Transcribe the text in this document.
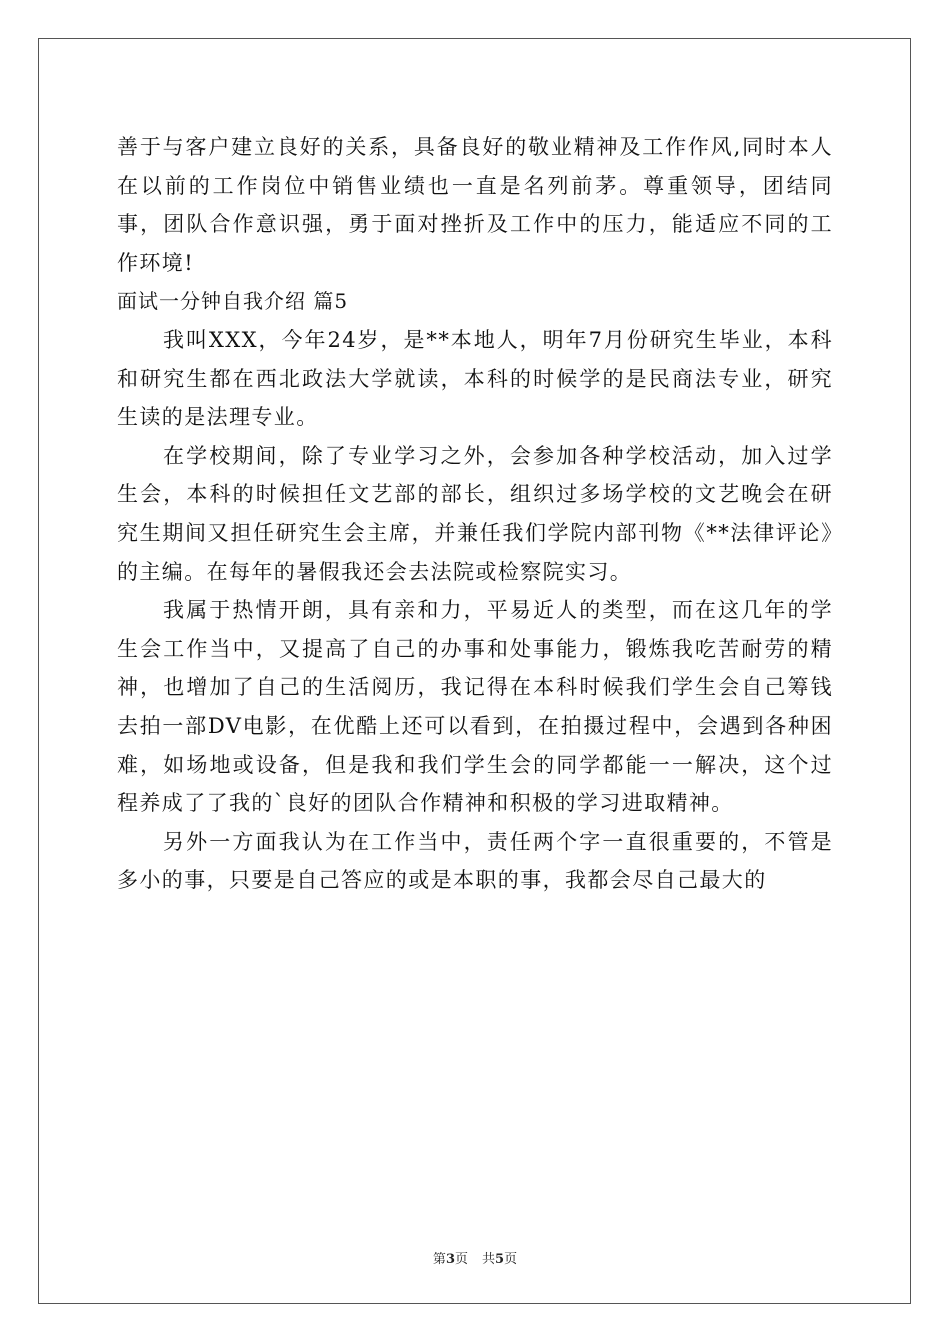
善于与客户建立良好的关系，具备良好的敬业精神及工作作风,同时本人在以前的工作岗位中销售业绩也一直是名列前茅。尊重领导，团结同事，团队合作意识强，勇于面对挫折及工作中的压力，能适应不同的工作环境!

面试一分钟自我介绍 篇5

我叫XXX，今年24岁，是**本地人，明年7月份研究生毕业，本科和研究生都在西北政法大学就读，本科的时候学的是民商法专业，研究生读的是法理专业。

在学校期间，除了专业学习之外，会参加各种学校活动，加入过学生会，本科的时候担任文艺部的部长，组织过多场学校的文艺晚会在研究生期间又担任研究生会主席，并兼任我们学院内部刊物《**法律评论》的主编。在每年的暑假我还会去法院或检察院实习。

我属于热情开朗，具有亲和力，平易近人的类型，而在这几年的学生会工作当中，又提高了自己的办事和处事能力，锻炼我吃苦耐劳的精神，也增加了自己的生活阅历，我记得在本科时候我们学生会自己筹钱去拍一部DV电影，在优酷上还可以看到，在拍摄过程中，会遇到各种困难，如场地或设备，但是我和我们学生会的同学都能一一解决，这个过程养成了了我的`良好的团队合作精神和积极的学习进取精神。

另外一方面我认为在工作当中，责任两个字一直很重要的，不管是多小的事，只要是自己答应的或是本职的事，我都会尽自己最大的

第3页 共5页
